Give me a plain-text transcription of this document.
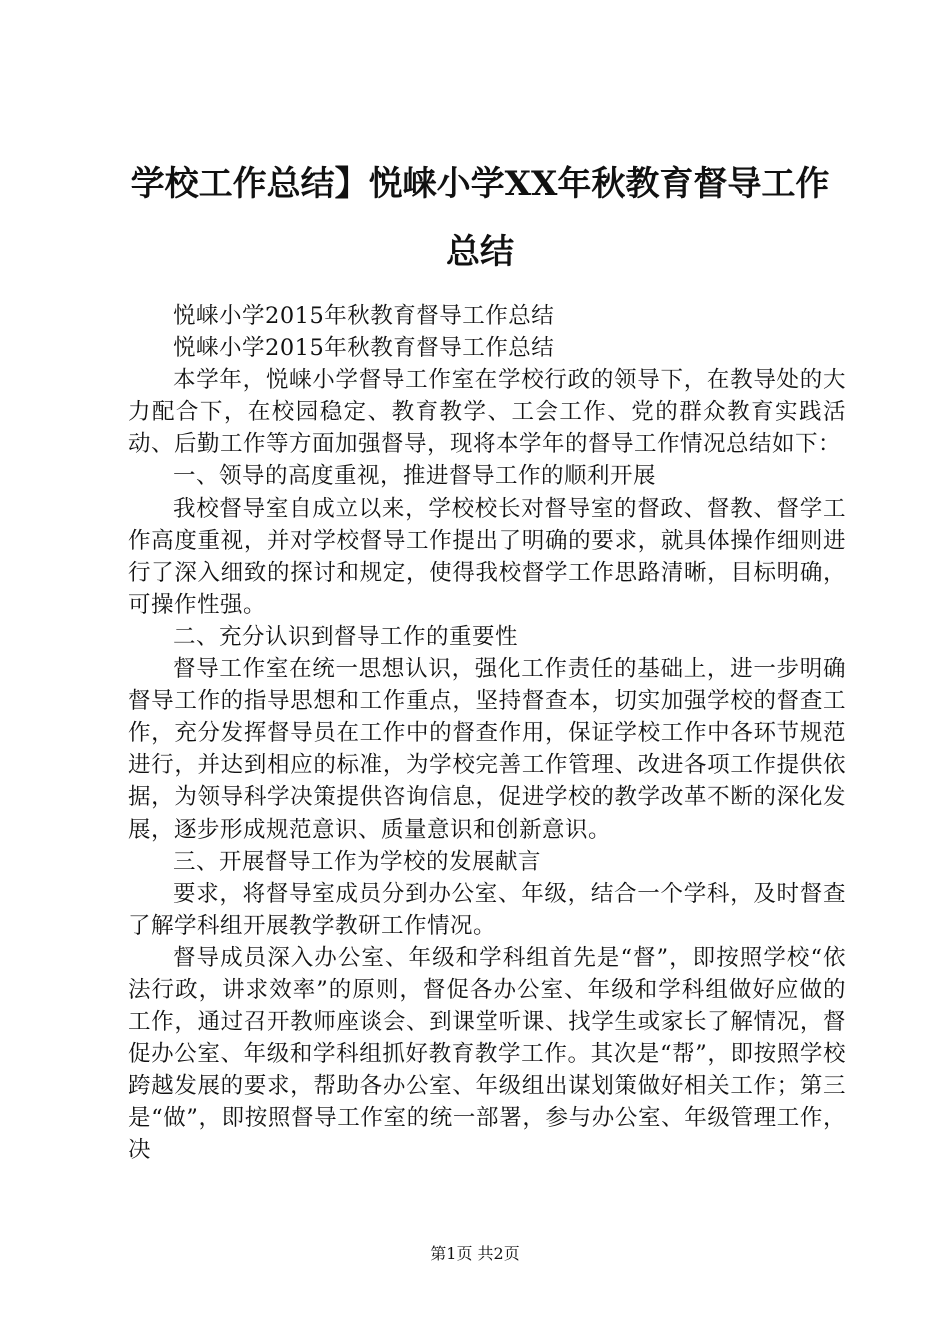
学校工作总结】悦崃小学XX年秋教育督导工作总结

悦崃小学2015年秋教育督导工作总结

悦崃小学2015年秋教育督导工作总结

本学年，悦崃小学督导工作室在学校行政的领导下，在教导处的大力配合下，在校园稳定、教育教学、工会工作、党的群众教育实践活动、后勤工作等方面加强督导，现将本学年的督导工作情况总结如下：

一、领导的高度重视，推进督导工作的顺利开展

我校督导室自成立以来，学校校长对督导室的督政、督教、督学工作高度重视，并对学校督导工作提出了明确的要求，就具体操作细则进行了深入细致的探讨和规定，使得我校督学工作思路清晰，目标明确，可操作性强。

二、充分认识到督导工作的重要性

督导工作室在统一思想认识，强化工作责任的基础上，进一步明确督导工作的指导思想和工作重点，坚持督查本，切实加强学校的督查工作，充分发挥督导员在工作中的督查作用，保证学校工作中各环节规范进行，并达到相应的标准，为学校完善工作管理、改进各项工作提供依据，为领导科学决策提供咨询信息，促进学校的教学改革不断的深化发展，逐步形成规范意识、质量意识和创新意识。

三、开展督导工作为学校的发展献言

要求，将督导室成员分到办公室、年级，结合一个学科，及时督查了解学科组开展教学教研工作情况。

督导成员深入办公室、年级和学科组首先是“督”，即按照学校“依法行政，讲求效率”的原则，督促各办公室、年级和学科组做好应做的工作，通过召开教师座谈会、到课堂听课、找学生或家长了解情况，督促办公室、年级和学科组抓好教育教学工作。其次是“帮”，即按照学校跨越发展的要求，帮助各办公室、年级组出谋划策做好相关工作；第三是“做”，即按照督导工作室的统一部署，参与办公室、年级管理工作，决

第1页 共2页
